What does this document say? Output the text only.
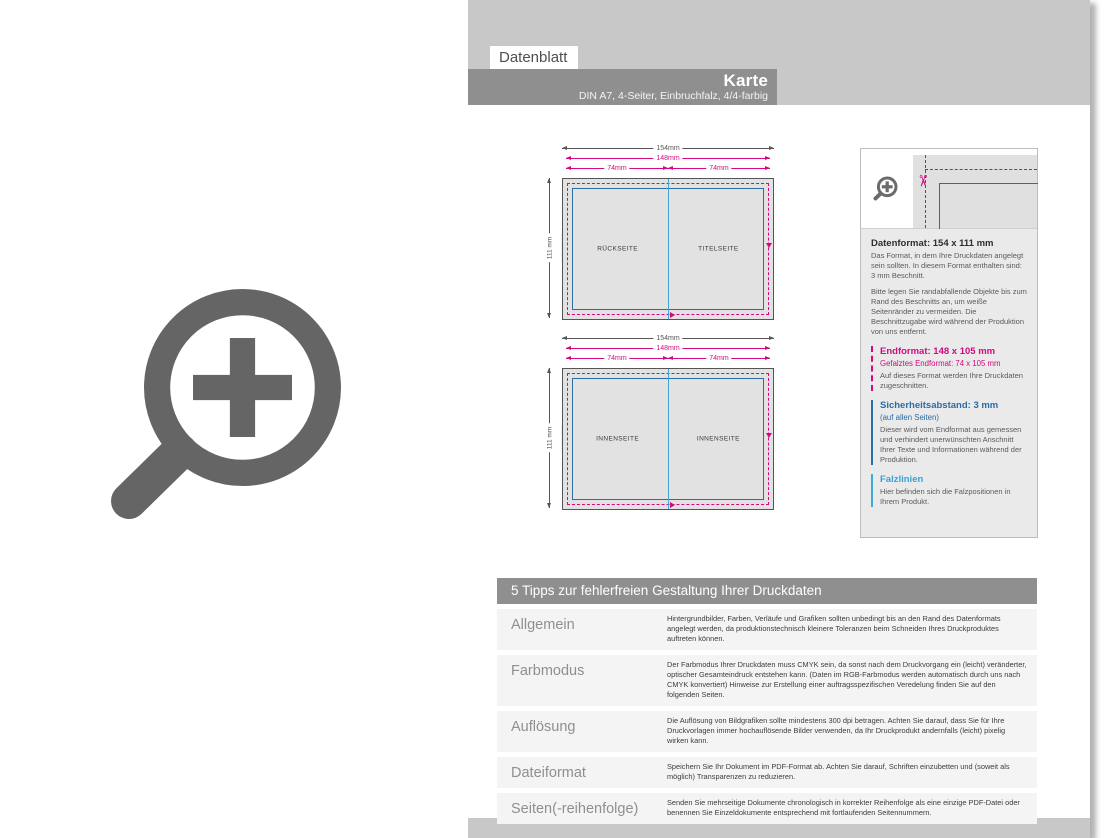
Datenblatt
Karte
DIN A7, 4-Seiter, Einbruchfalz, 4/4-farbig
154mm
148mm
74mm	74mm
111 mm	RÜCKSEITE	TITELSEITE
154mm
148mm
74mm	74mm
111 mm	INNENSEITE	INNENSEITE
✂
Datenformat: 154 x 111 mm

Das Format, in dem Ihre Druckdaten angelegt sein sollten. In diesem Format enthalten sind: 3 mm Beschnitt.

Bitte legen Sie randabfallende Objekte bis zum Rand des Beschnitts an, um weiße Seitenränder zu vermeiden. Die Beschnittzugabe wird während der Produktion von uns entfernt.

Endformat: 148 x 105 mm
Gefalztes Endformat: 74 x 105 mm

Auf dieses Format werden Ihre Druckdaten zugeschnitten.

Sicherheitsabstand: 3 mm
(auf allen Seiten)

Dieser wird vom Endformat aus gemessen und verhindert unerwünschten Anschnitt Ihrer Texte und Informationen während der Produktion.

Falzlinien

Hier befinden sich die Falzpositionen in Ihrem Produkt.

5 Tipps zur fehlerfreien Gestaltung Ihrer Druckdaten
Allgemein	Hintergrundbilder, Farben, Verläufe und Grafiken sollten unbedingt bis an den Rand des Datenformats angelegt werden, da produktionstechnisch kleinere Toleranzen beim Schneiden Ihres Druckproduktes auftreten können.
Farbmodus	Der Farbmodus Ihrer Druckdaten muss CMYK sein, da sonst nach dem Druckvorgang ein (leicht) veränderter, optischer Gesamteindruck entstehen kann. (Daten im RGB-Farbmodus werden automatisch durch uns nach CMYK konvertiert) Hinweise zur Erstellung einer auftragsspezifischen Veredelung finden Sie auf den folgenden Seiten.
Auflösung	Die Auflösung von Bildgrafiken sollte mindestens 300 dpi betragen. Achten Sie darauf, dass Sie für Ihre Druckvorlagen immer hochauflösende Bilder verwenden, da Ihr Druckprodukt andernfalls (leicht) pixelig wirken kann.
Dateiformat	Speichern Sie Ihr Dokument im PDF-Format ab. Achten Sie darauf, Schriften einzubetten und (soweit als möglich) Transparenzen zu reduzieren.
Seiten(-reihenfolge)	Senden Sie mehrseitige Dokumente chronologisch in korrekter Reihenfolge als eine einzige PDF-Datei oder benennen Sie Einzeldokumente entsprechend mit fortlaufenden Seitennummern.
